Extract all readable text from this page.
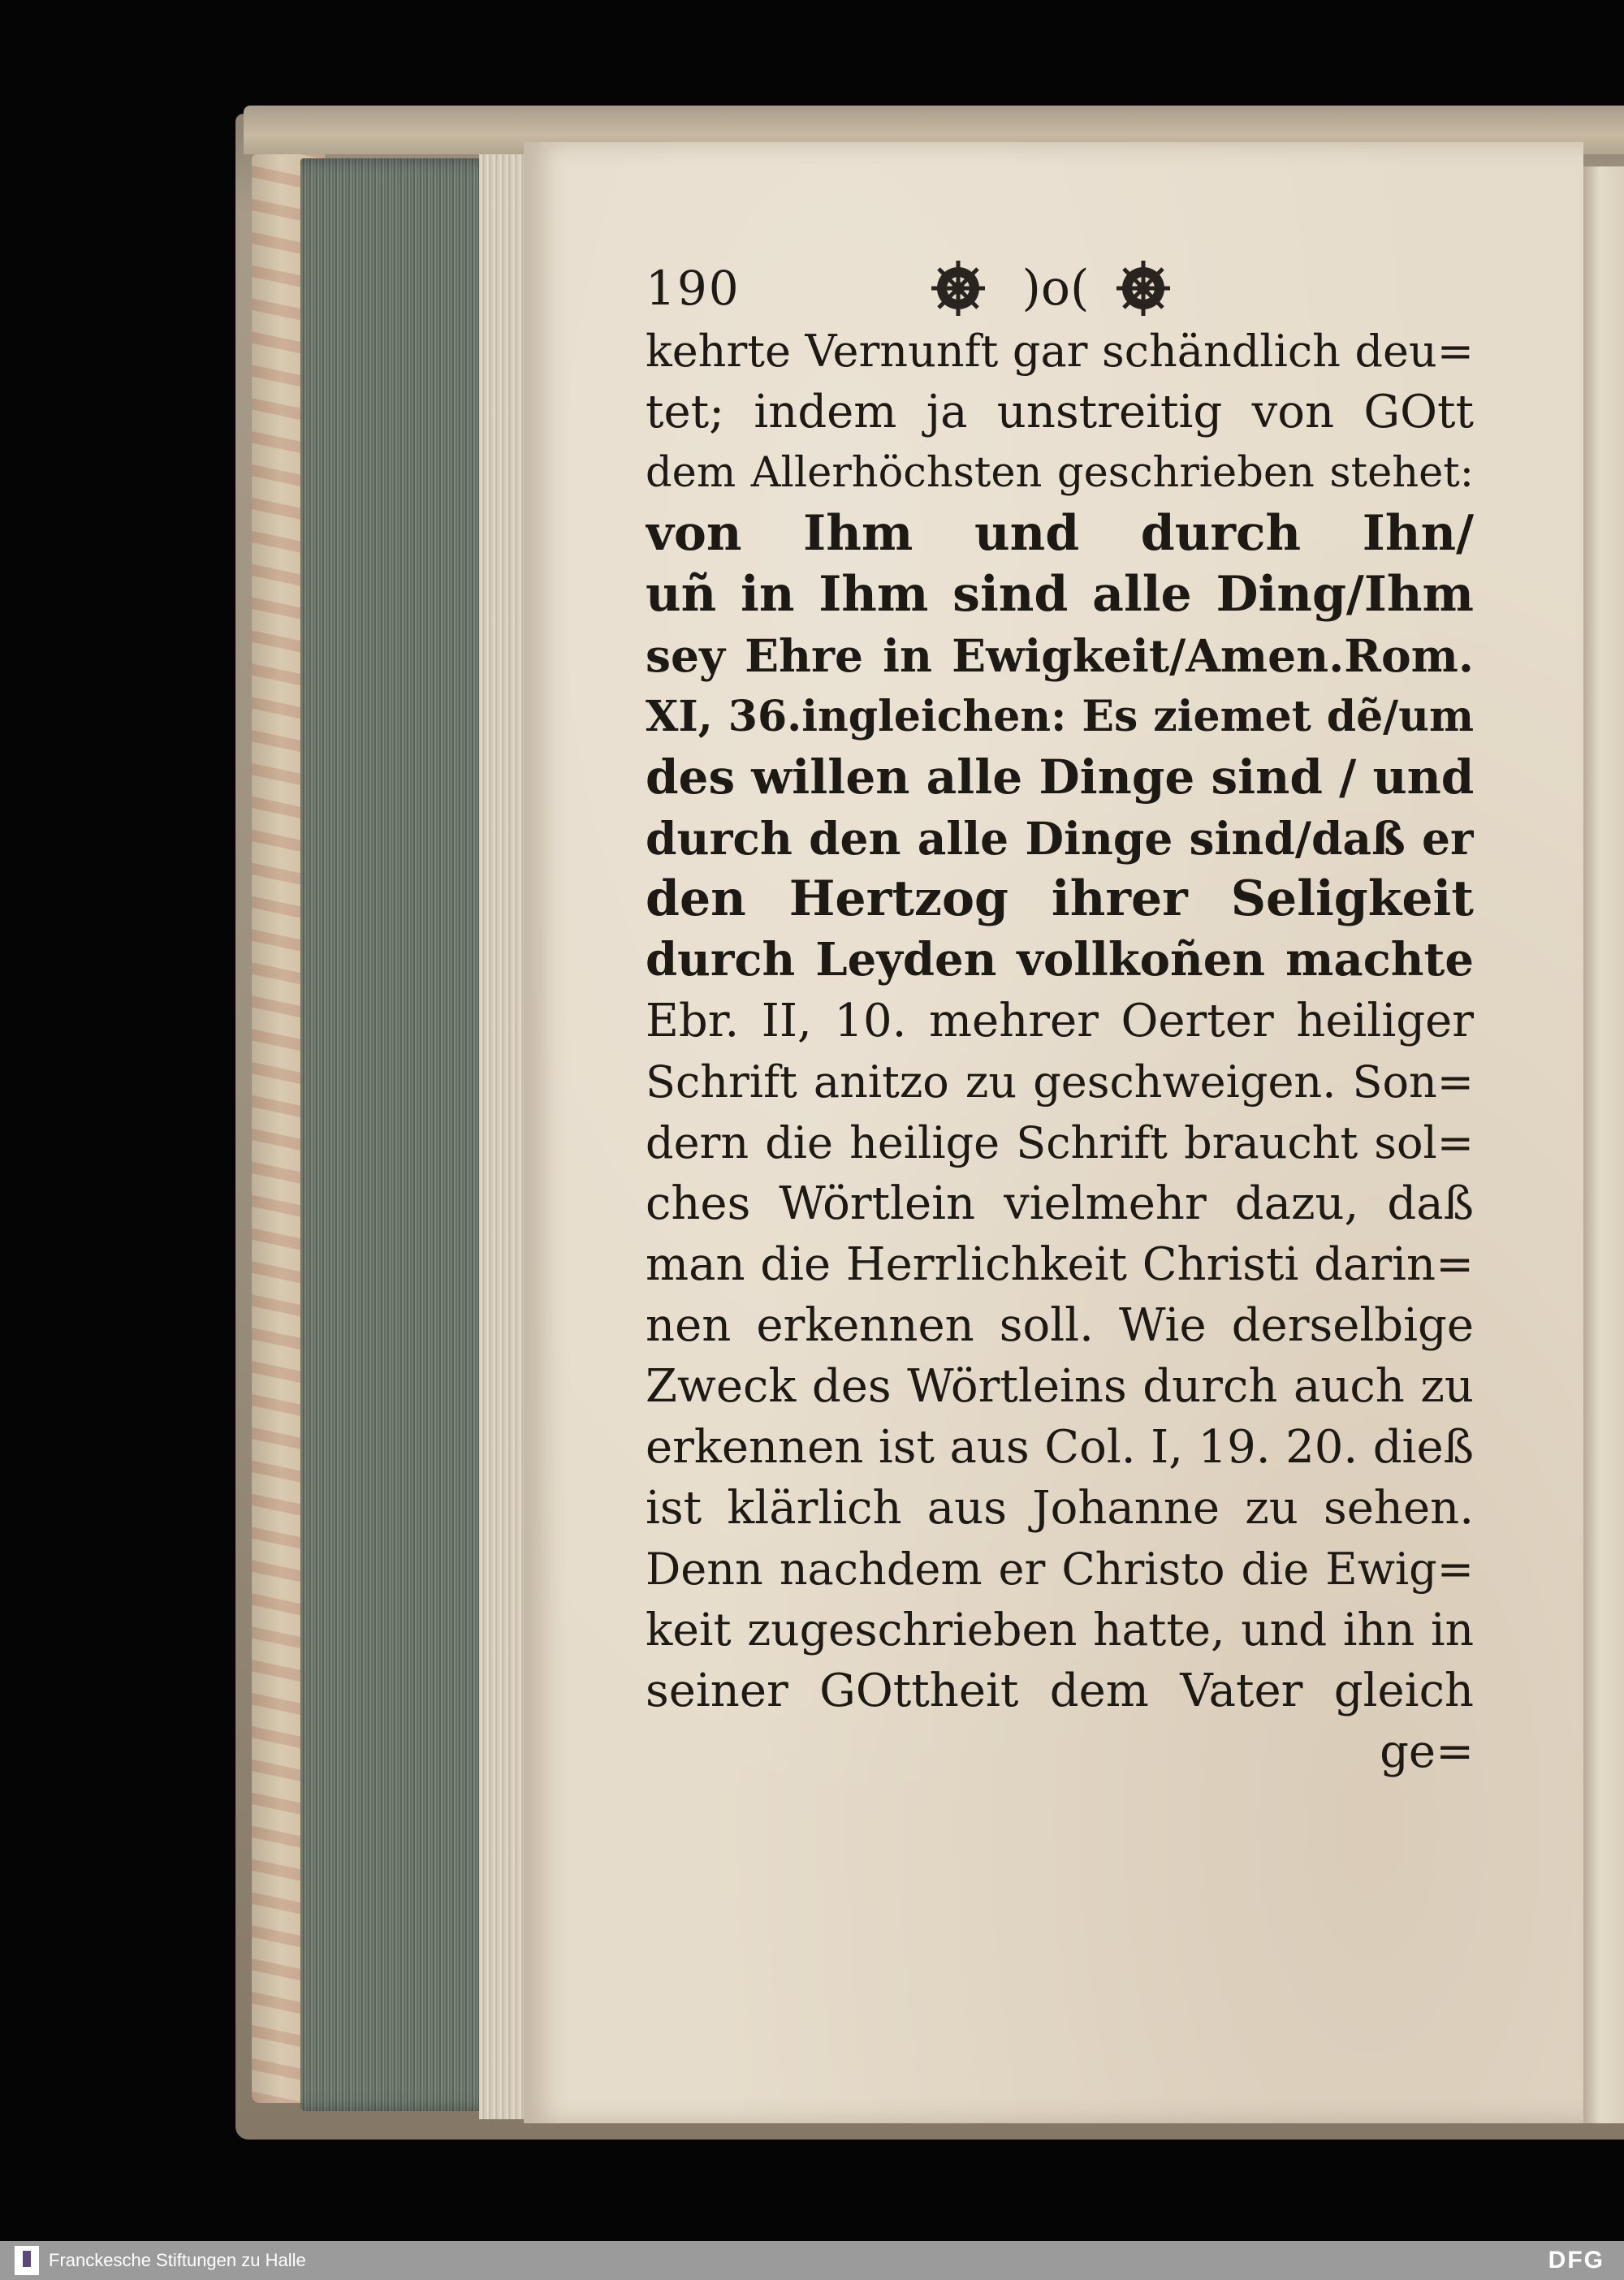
190	)o(
kehrte Vernunft gar schändlich deu=
tet; indem ja unstreitig von GOtt
dem Allerhöchsten geschrieben stehet:
von Ihm und durch Ihn/
uñ in Ihm sind alle Ding/Ihm
sey Ehre in Ewigkeit/Amen.Rom.
XI, 36.ingleichen: Es ziemet dẽ/um
des willen alle Dinge sind / und
durch den alle Dinge sind/daß er
den Hertzog ihrer Seligkeit
durch Leyden vollkoñen machte
Ebr. II, 10. mehrer Oerter heiliger
Schrift anitzo zu geschweigen. Son=
dern die heilige Schrift braucht sol=
ches Wörtlein vielmehr dazu, daß
man die Herrlichkeit Christi darin=
nen erkennen soll. Wie derselbige
Zweck des Wörtleins durch auch zu
erkennen ist aus Col. I, 19. 20. dieß
ist klärlich aus Johanne zu sehen.
Denn nachdem er Christo die Ewig=
keit zugeschrieben hatte, und ihn in
seiner GOttheit dem Vater gleich
ge=
Franckesche Stiftungen zu Halle	DFG
